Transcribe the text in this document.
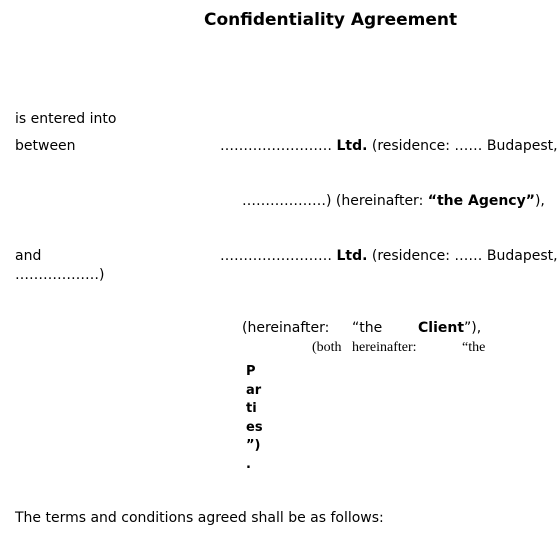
Confidentiality Agreement
is entered into
between	…………………… Ltd. (residence: …… Budapest,
………………) (hereinafter: “the Agency”),
and	…………………… Ltd. (residence: …… Budapest,
………………)
(hereinafter: “the	Client”),
(both hereinafter:	“the
P
ar
ti
es
”)
.
The terms and conditions agreed shall be as follows:
